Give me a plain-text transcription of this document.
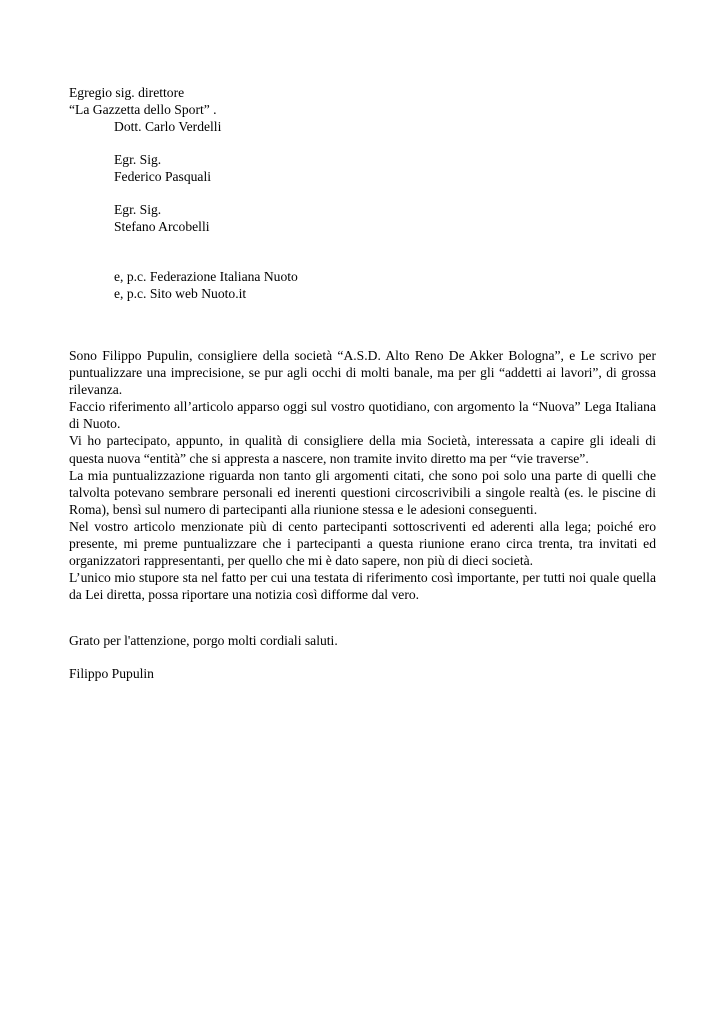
Egregio sig. direttore
“La Gazzetta dello Sport” .
Dott. Carlo Verdelli
Egr. Sig.
Federico Pasquali
Egr. Sig.
Stefano Arcobelli
e, p.c. Federazione Italiana Nuoto
e, p.c. Sito web Nuoto.it

Sono Filippo Pupulin, consigliere della società “A.S.D. Alto Reno De Akker Bologna”, e Le scrivo per puntualizzare una imprecisione, se pur agli occhi di molti banale, ma per gli “addetti ai lavori”, di grossa rilevanza.

Faccio riferimento all’articolo apparso oggi sul vostro quotidiano, con argomento la “Nuova” Lega Italiana di Nuoto.

Vi ho partecipato, appunto, in qualità di consigliere della mia Società, interessata a capire gli ideali di questa nuova “entità” che si appresta a nascere, non tramite invito diretto ma per “vie traverse”.

La mia puntualizzazione riguarda non tanto gli argomenti citati, che sono poi solo una parte di quelli che talvolta potevano sembrare personali ed inerenti questioni circoscrivibili a singole realtà (es. le piscine di Roma), bensì sul numero di partecipanti alla riunione stessa e le adesioni conseguenti.

Nel vostro articolo menzionate più di cento partecipanti sottoscriventi ed aderenti alla lega; poiché ero presente, mi preme puntualizzare che i partecipanti a questa riunione erano circa trenta, tra invitati ed organizzatori rappresentanti, per quello che mi è dato sapere, non più di dieci società.

L’unico mio stupore sta nel fatto per cui una testata di riferimento così importante, per tutti noi quale quella da Lei diretta, possa riportare una notizia così difforme dal vero.

Grato per l'attenzione, porgo molti cordiali saluti.

Filippo Pupulin
